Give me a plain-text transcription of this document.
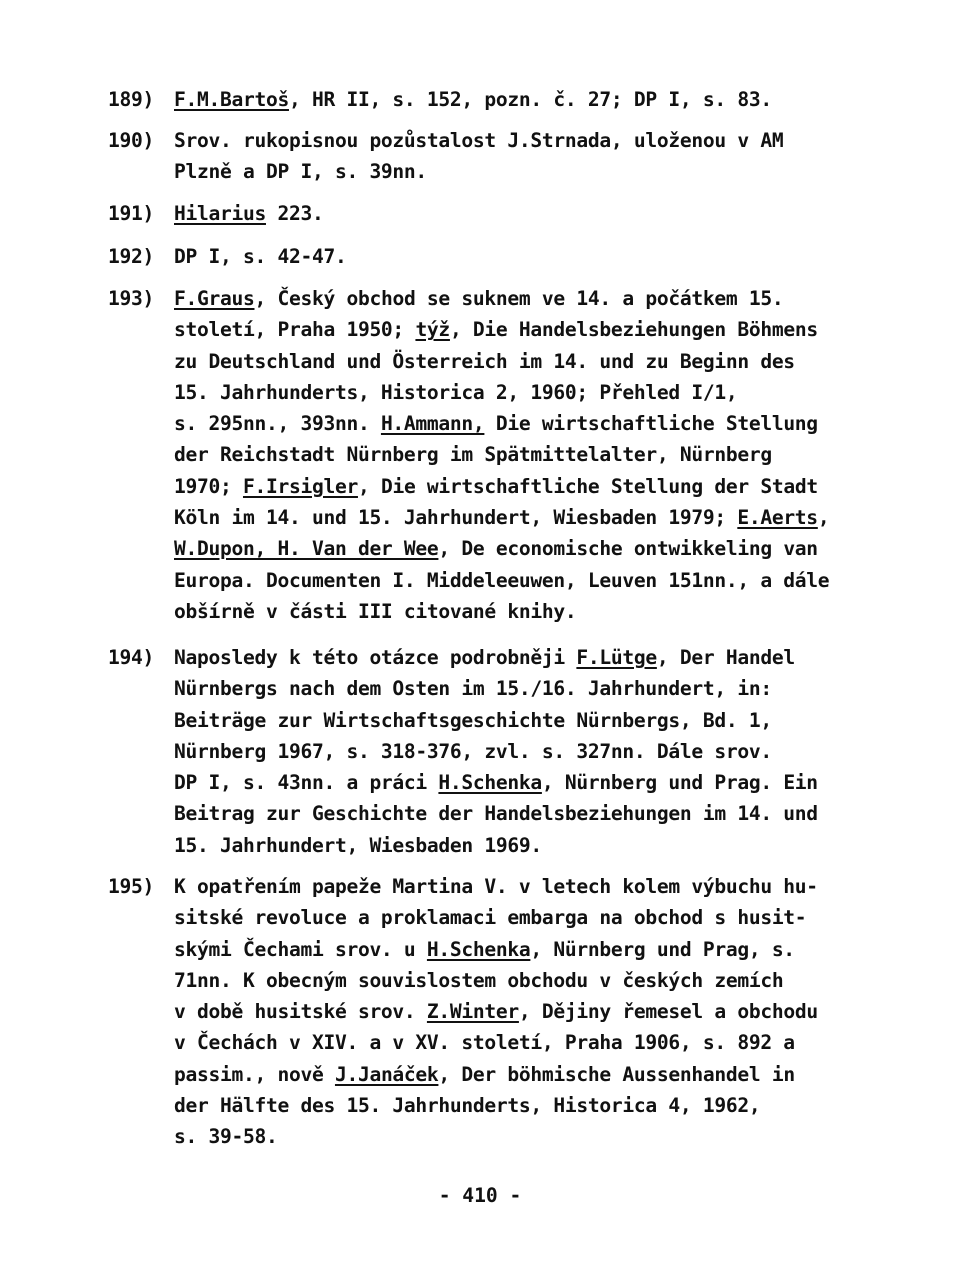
189)	F.M.Bartoš, HR II, s. 152, pozn. č. 27; DP I, s. 83.
190)	Srov. rukopisnou pozůstalost J.Strnada, uloženou v AM
Plzně a DP I, s. 39nn.
191)	Hilarius 223.
192)	DP I, s. 42-47.
193)	F.Graus, Český obchod se suknem ve 14. a počátkem 15.
století, Praha 1950; týž, Die Handelsbeziehungen Böhmens
zu Deutschland und Österreich im 14. und zu Beginn des
15. Jahrhunderts, Historica 2, 1960; Přehled I/1,
s. 295nn., 393nn. H.Ammann, Die wirtschaftliche Stellung
der Reichstadt Nürnberg im Spätmittelalter, Nürnberg
1970; F.Irsigler, Die wirtschaftliche Stellung der Stadt
Köln im 14. und 15. Jahrhundert, Wiesbaden 1979; E.Aerts,
W.Dupon, H. Van der Wee, De economische ontwikkeling van
Europa. Documenten I. Middeleeuwen, Leuven 151nn., a dále
obšírně v části III citované knihy.
194)	Naposledy k této otázce podrobněji F.Lütge, Der Handel
Nürnbergs nach dem Osten im 15./16. Jahrhundert, in:
Beiträge zur Wirtschaftsgeschichte Nürnbergs, Bd. 1,
Nürnberg 1967, s. 318-376, zvl. s. 327nn. Dále srov.
DP I, s. 43nn. a práci H.Schenka, Nürnberg und Prag. Ein
Beitrag zur Geschichte der Handelsbeziehungen im 14. und
15. Jahrhundert, Wiesbaden 1969.
195)	K opatřením papeže Martina V. v letech kolem výbuchu hu-
sitské revoluce a proklamaci embarga na obchod s husit-
skými Čechami srov. u H.Schenka, Nürnberg und Prag, s.
71nn. K obecným souvislostem obchodu v českých zemích
v době husitské srov. Z.Winter, Dějiny řemesel a obchodu
v Čechách v XIV. a v XV. století, Praha 1906, s. 892 a
passim., nově J.Janáček, Der böhmische Aussenhandel in
der Hälfte des 15. Jahrhunderts, Historica 4, 1962,
s. 39-58.
- 410 -
